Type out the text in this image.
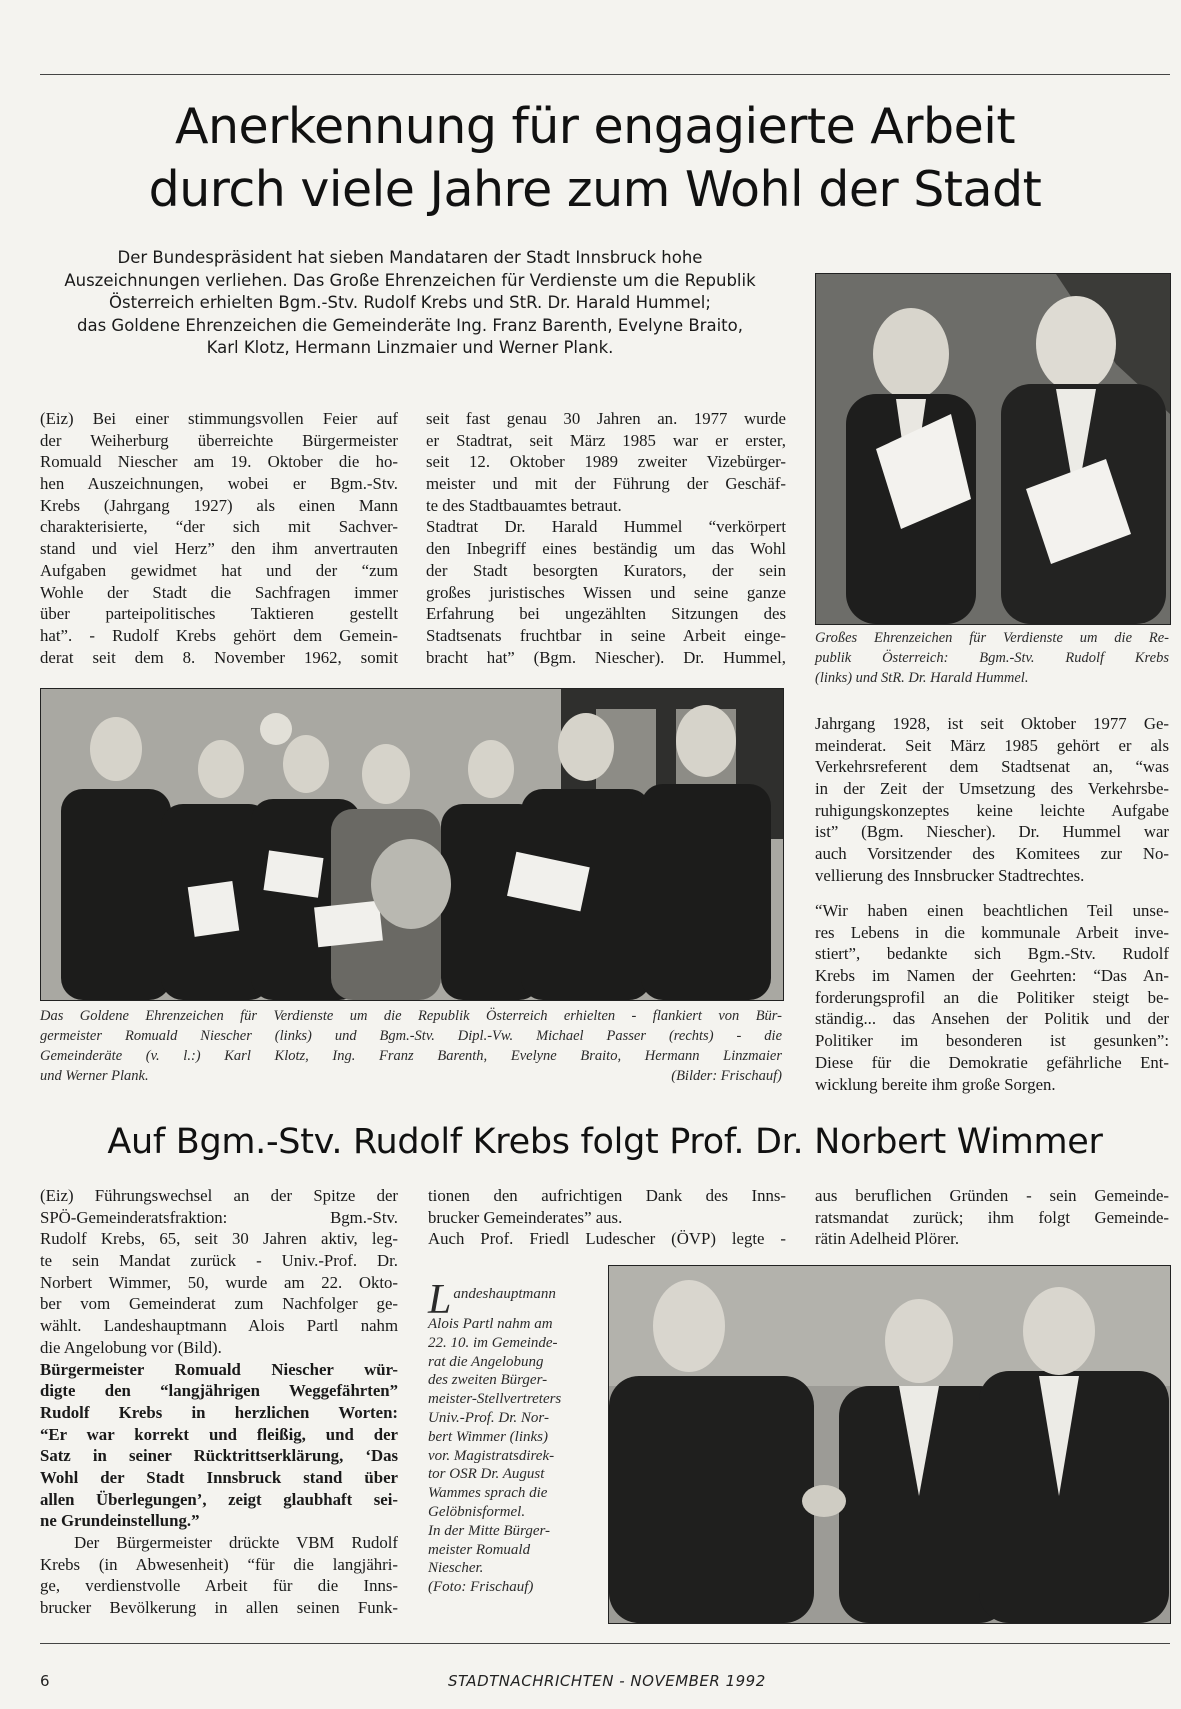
Anerkennung für engagierte Arbeit
durch viele Jahre zum Wohl der Stadt
Der Bundespräsident hat sieben Mandataren der Stadt Innsbruck hohe
Auszeichnungen verliehen. Das Große Ehrenzeichen für Verdienste um die Republik
Österreich erhielten Bgm.-Stv. Rudolf Krebs und StR. Dr. Harald Hummel;
das Goldene Ehrenzeichen die Gemeinderäte Ing. Franz Barenth, Evelyne Braito,
Karl Klotz, Hermann Linzmaier und Werner Plank.
Großes Ehrenzeichen für Verdienste um die Re-
publik Österreich: Bgm.-Stv. Rudolf Krebs
(links) und StR. Dr. Harald Hummel.
(Eiz) Bei einer stimmungsvollen Feier auf
der Weiherburg überreichte Bürgermeister
Romuald Niescher am 19. Oktober die ho-
hen Auszeichnungen, wobei er Bgm.-Stv.
Krebs (Jahrgang 1927) als einen Mann
charakterisierte, “der sich mit Sachver-
stand und viel Herz” den ihm anvertrauten
Aufgaben gewidmet hat und der “zum
Wohle der Stadt die Sachfragen immer
über parteipolitisches Taktieren gestellt
hat”. - Rudolf Krebs gehört dem Gemein-
derat seit dem 8. November 1962, somit
seit fast genau 30 Jahren an. 1977 wurde
er Stadtrat, seit März 1985 war er erster,
seit 12. Oktober 1989 zweiter Vizebürger-
meister und mit der Führung der Geschäf-
te des Stadtbauamtes betraut.
Stadtrat Dr. Harald Hummel “verkörpert
den Inbegriff eines beständig um das Wohl
der Stadt besorgten Kurators, der sein
großes juristisches Wissen und seine ganze
Erfahrung bei ungezählten Sitzungen des
Stadtsenats fruchtbar in seine Arbeit einge-
bracht hat” (Bgm. Niescher). Dr. Hummel,
Das Goldene Ehrenzeichen für Verdienste um die Republik Österreich erhielten - flankiert von Bür-
germeister Romuald Niescher (links) und Bgm.-Stv. Dipl.-Vw. Michael Passer (rechts) - die
Gemeinderäte (v. l.:) Karl Klotz, Ing. Franz Barenth, Evelyne Braito, Hermann Linzmaier
und Werner Plank.	(Bilder: Frischauf)
Jahrgang 1928, ist seit Oktober 1977 Ge-
meinderat. Seit März 1985 gehört er als
Verkehrsreferent dem Stadtsenat an, “was
in der Zeit der Umsetzung des Verkehrsbe-
ruhigungskonzeptes keine leichte Aufgabe
ist” (Bgm. Niescher). Dr. Hummel war
auch Vorsitzender des Komitees zur No-
vellierung des Innsbrucker Stadtrechtes.
“Wir haben einen beachtlichen Teil unse-
res Lebens in die kommunale Arbeit inve-
stiert”, bedankte sich Bgm.-Stv. Rudolf
Krebs im Namen der Geehrten: “Das An-
forderungsprofil an die Politiker steigt be-
ständig... das Ansehen der Politik und der
Politiker im besonderen ist gesunken”:
Diese für die Demokratie gefährliche Ent-
wicklung bereite ihm große Sorgen.
Auf Bgm.-Stv. Rudolf Krebs folgt Prof. Dr. Norbert Wimmer
(Eiz) Führungswechsel an der Spitze der
SPÖ-Gemeinderatsfraktion: Bgm.-Stv.
Rudolf Krebs, 65, seit 30 Jahren aktiv, leg-
te sein Mandat zurück - Univ.-Prof. Dr.
Norbert Wimmer, 50, wurde am 22. Okto-
ber vom Gemeinderat zum Nachfolger ge-
wählt. Landeshauptmann Alois Partl nahm
die Angelobung vor (Bild).
Bürgermeister Romuald Niescher wür-
digte den “langjährigen Weggefährten”
Rudolf Krebs in herzlichen Worten:
“Er war korrekt und fleißig, und der
Satz in seiner Rücktrittserklärung, ‘Das
Wohl der Stadt Innsbruck stand über
allen Überlegungen’, zeigt glaubhaft sei-
ne Grundeinstellung.”
Der Bürgermeister drückte VBM Rudolf
Krebs (in Abwesenheit) “für die langjähri-
ge, verdienstvolle Arbeit für die Inns-
brucker Bevölkerung in allen seinen Funk-
tionen den aufrichtigen Dank des Inns-
brucker Gemeinderates” aus.
Auch Prof. Friedl Ludescher (ÖVP) legte -
aus beruflichen Gründen - sein Gemeinde-
ratsmandat zurück; ihm folgt Gemeinde-
rätin Adelheid Plörer.
L andeshauptmann
Alois Partl nahm am
22. 10. im Gemeinde-
rat die Angelobung
des zweiten Bürger-
meister-Stellvertreters
Univ.-Prof. Dr. Nor-
bert Wimmer (links)
vor. Magistratsdirek-
tor OSR Dr. August
Wammes sprach die
Gelöbnisformel.
In der Mitte Bürger-
meister Romuald
Niescher.
(Foto: Frischauf)
6	STADTNACHRICHTEN - NOVEMBER 1992
